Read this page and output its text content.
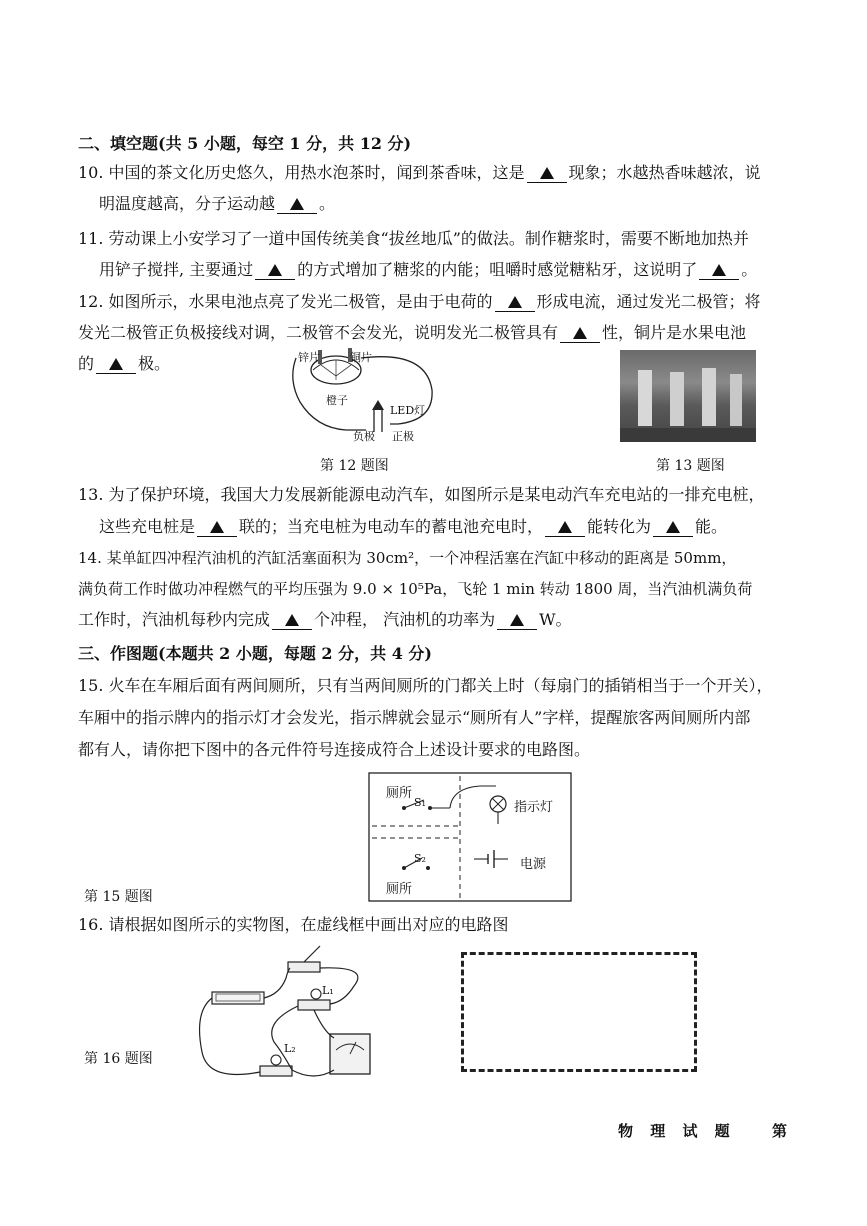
二、填空题(共 5 小题，每空 1 分，共 12 分)
10. 中国的茶文化历史悠久，用热水泡茶时，闻到茶香味，这是	现象；水越热香味越浓，说
明温度越高，分子运动越	。
11. 劳动课上小安学习了一道中国传统美食“拔丝地瓜”的做法。制作糖浆时，需要不断地加热并
用铲子搅拌, 主要通过	的方式增加了糖浆的内能；咀嚼时感觉糖粘牙，这说明了	。
12. 如图所示，水果电池点亮了发光二极管，是由于电荷的	形成电流，通过发光二极管；将
发光二极管正负极接线对调，二极管不会发光，说明发光二极管具有	性，铜片是水果电池
的	极。	锌片	铜片
橙子
LED灯
负极 正极
第 12 题图	第 13 题图
13. 为了保护环境，我国大力发展新能源电动汽车，如图所示是某电动汽车充电站的一排充电桩，
这些充电桩是	联的；当充电桩为电动车的蓄电池充电时，	能转化为	能。
14. 某单缸四冲程汽油机的汽缸活塞面积为 30cm²，一个冲程活塞在汽缸中移动的距离是 50mm，
满负荷工作时做功冲程燃气的平均压强为 9.0 × 10⁵Pa，飞轮 1 min 转动 1800 周，当汽油机满负荷
工作时，汽油机每秒内完成	个冲程， 汽油机的功率为	W。
三、作图题(本题共 2 小题，每题 2 分，共 4 分)
15. 火车在车厢后面有两间厕所，只有当两间厕所的门都关上时（每扇门的插销相当于一个开关），
车厢中的指示牌内的指示灯才会发光，指示牌就会显示“厕所有人”字样，提醒旅客两间厕所内部
都有人，请你把下图中的各元件符号连接成符合上述设计要求的电路图。
厕所
S₁
厕所
S₂
指示灯
电源
第 15 题图
16. 请根据如图所示的实物图，在虚线框中画出对应的电路图
L₁
L₂
第 16 题图
物 理 试 题 第
